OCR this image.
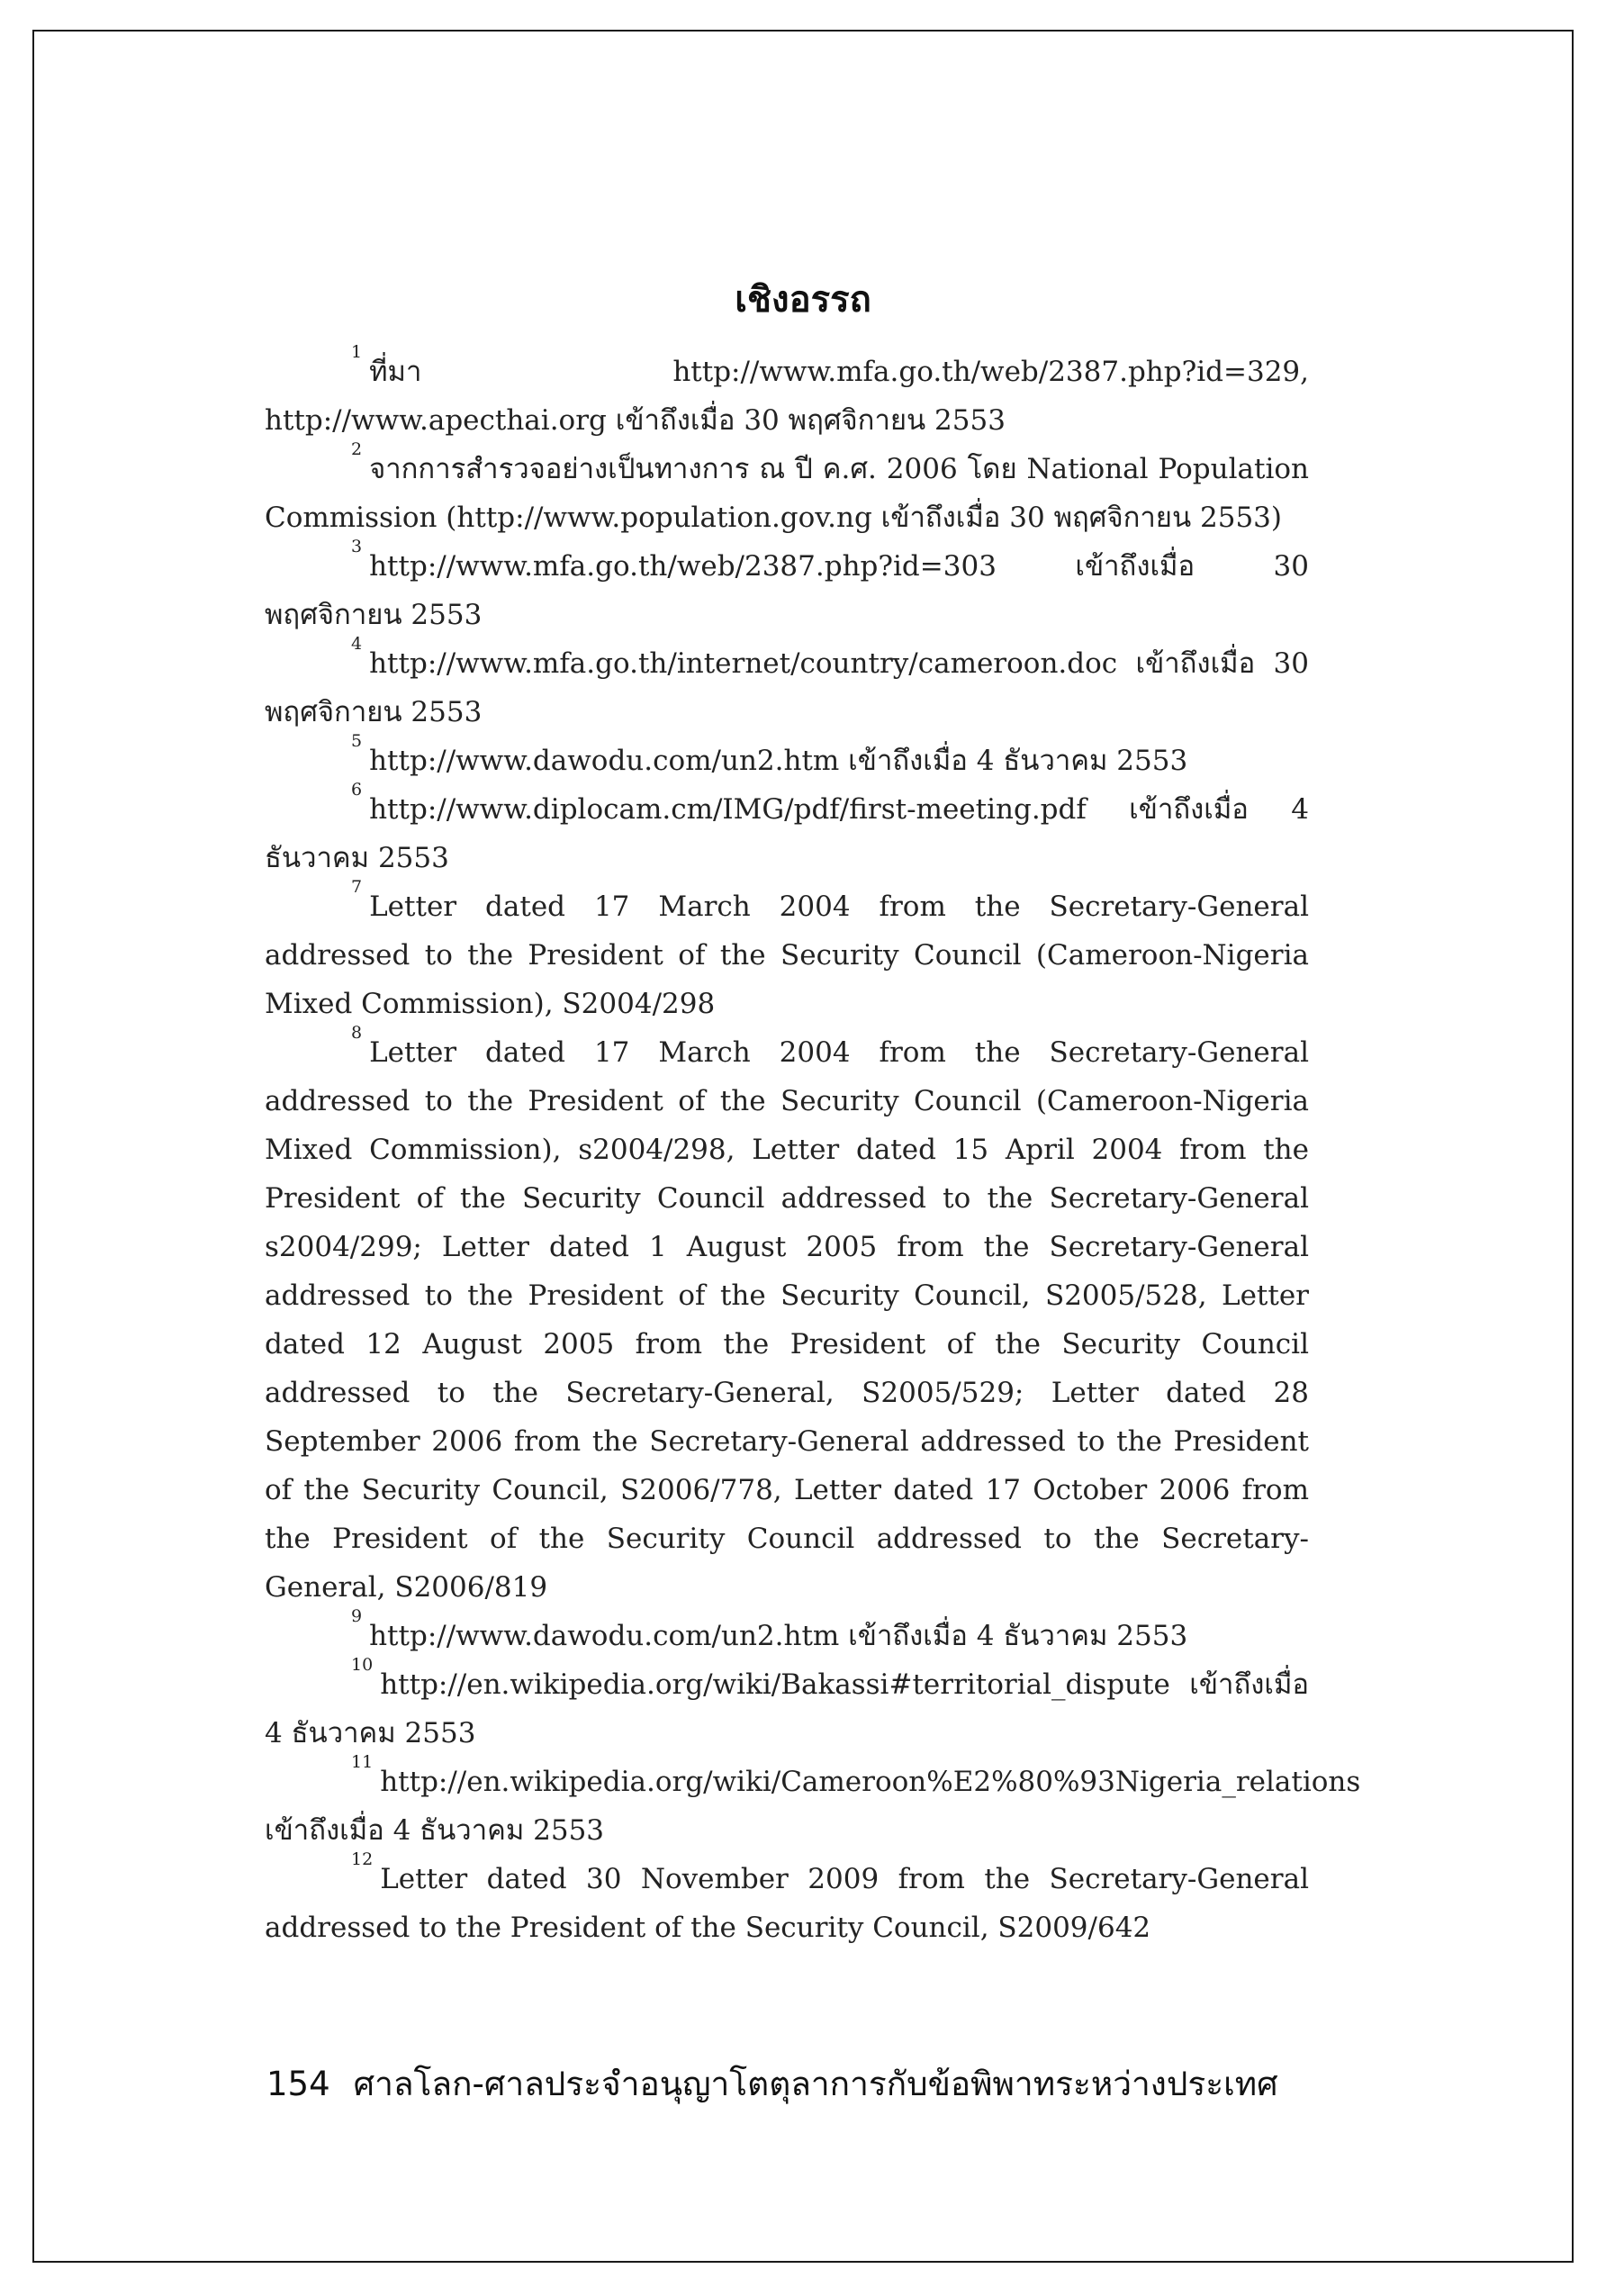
เชิงอรรถ

$^1$ที่มา http://www.mfa.go.th/web/2387.php?id=329, http://www.apecthai.org เข้าถึงเมื่อ 30 พฤศจิกายน 2553

$^2$จากการสำรวจอย่างเป็นทางการ ณ ปี ค.ศ. 2006 โดย National Population Commission (http://www.population.gov.ng เข้าถึงเมื่อ 30 พฤศจิกายน 2553)

$^3$http://www.mfa.go.th/web/2387.php?id=303 เข้าถึงเมื่อ 30 พฤศจิกายน 2553

$^4$http://www.mfa.go.th/internet/country/cameroon.doc เข้าถึงเมื่อ 30 พฤศจิกายน 2553

$^5$http://www.dawodu.com/un2.htm เข้าถึงเมื่อ 4 ธันวาคม 2553

$^6$http://www.diplocam.cm/IMG/pdf/first-meeting.pdf เข้าถึงเมื่อ 4 ธันวาคม 2553

$^7$Letter dated 17 March 2004 from the Secretary-General addressed to the President of the Security Council (Cameroon-Nigeria Mixed Commission), S2004/298

$^8$Letter dated 17 March 2004 from the Secretary-General addressed to the President of the Security Council (Cameroon-Nigeria Mixed Commission), s2004/298, Letter dated 15 April 2004 from the President of the Security Council addressed to the Secretary-General s2004/299; Letter dated 1 August 2005 from the Secretary-General addressed to the President of the Security Council, S2005/528, Letter dated 12 August 2005 from the President of the Security Council addressed to the Secretary-General, S2005/529; Letter dated 28 September 2006 from the Secretary-General addressed to the President of the Security Council, S2006/778, Letter dated 17 October 2006 from the President of the Security Council addressed to the Secretary-General, S2006/819

$^9$http://www.dawodu.com/un2.htm เข้าถึงเมื่อ 4 ธันวาคม 2553

$^{10}$http://en.wikipedia.org/wiki/Bakassi#territorial_dispute เข้าถึงเมื่อ 4 ธันวาคม 2553

$^{11}$http://en.wikipedia.org/wiki/Cameroon%E2%80%93Nigeria_relations เข้าถึงเมื่อ 4 ธันวาคม 2553

$^{12}$Letter dated 30 November 2009 from the Secretary-General addressed to the President of the Security Council, S2009/642

154 ศาลโลก-ศาลประจำอนุญาโตตุลาการกับข้อพิพาทระหว่างประเทศ
